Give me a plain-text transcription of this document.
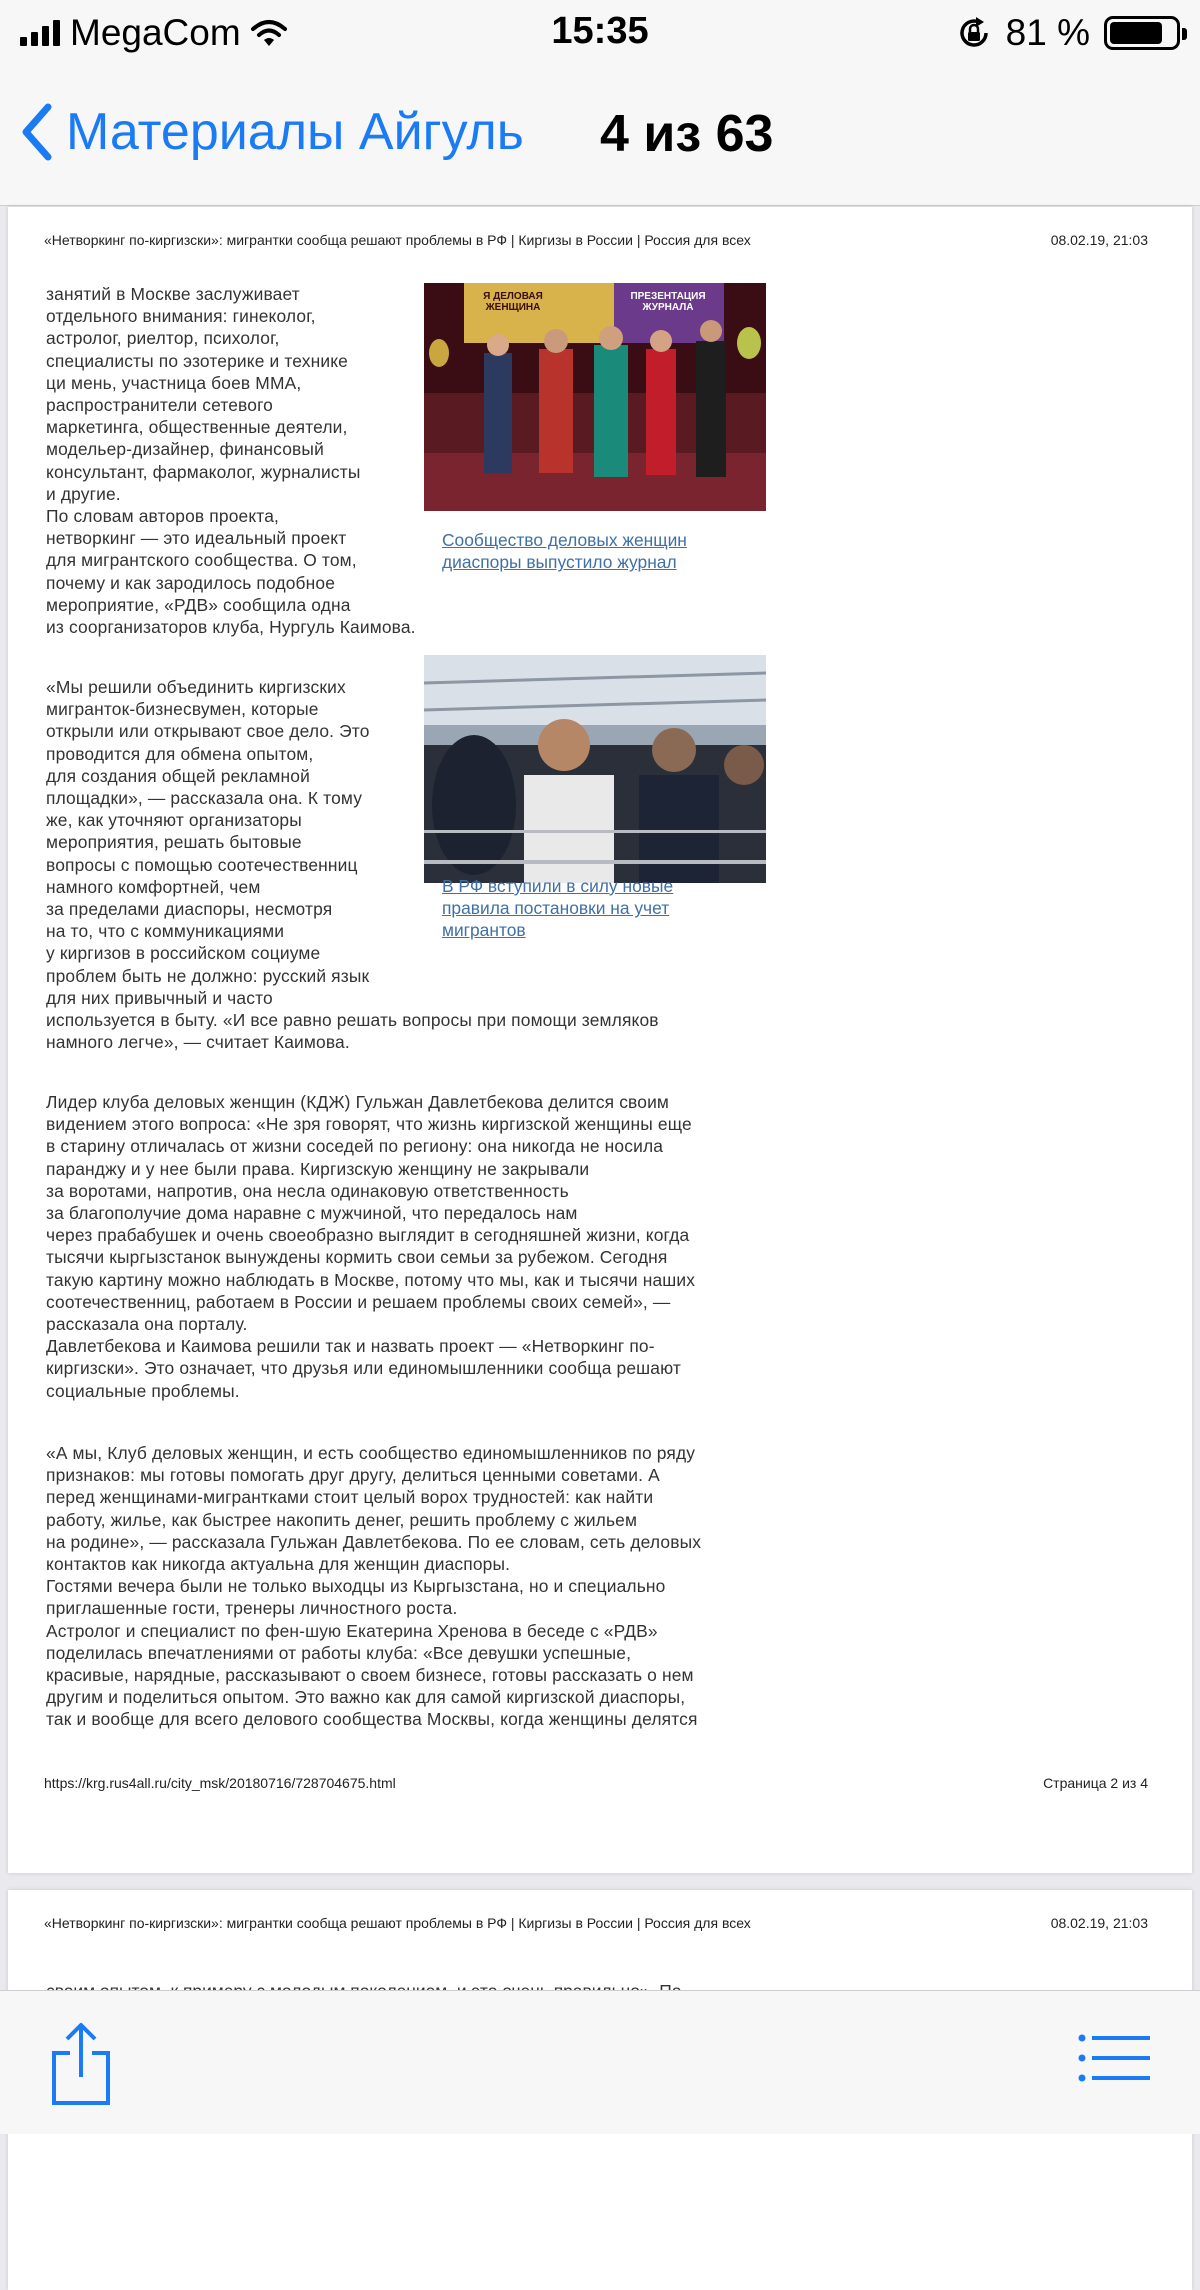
MegaCom	15:35	81 %
Материалы Айгуль 4 из 63
«Нетворкинг по-киргизски»: мигрантки сообща решают проблемы в РФ | Киргизы в России | Россия для всех	08.02.19, 21:03
занятий в Москве заслуживает
отдельного внимания: гинеколог,
астролог, риелтор, психолог,
специалисты по эзотерике и технике
ци мень, участница боев ММА,
распространители сетевого
маркетинга, общественные деятели,
модельер-дизайнер, финансовый
консультант, фармаколог, журналисты
и другие.
По словам авторов проекта,
нетворкинг — это идеальный проект
для мигрантского сообщества. О том,
почему и как зародилось подобное
мероприятие, «РДВ» сообщила одна
из соорганизаторов клуба, Нургуль Каимова.
Я ДЕЛОВАЯ ЖЕНЩИНА
ПРЕЗЕНТАЦИЯ ЖУРНАЛА
Сообщество деловых женщин
диаспоры выпустило журнал
«Мы решили объединить киргизских
мигранток-бизнесвумен, которые
открыли или открывают свое дело. Это
проводится для обмена опытом,
для создания общей рекламной
площадки», — рассказала она. К тому
же, как уточняют организаторы
мероприятия, решать бытовые
вопросы с помощью соотечественниц
намного комфортней, чем
за пределами диаспоры, несмотря
на то, что с коммуникациями
у киргизов в российском социуме
проблем быть не должно: русский язык
для них привычный и часто
используется в быту. «И все равно решать вопросы при помощи земляков
намного легче», — считает Каимова.
В РФ вступили в силу новые
правила постановки на учет
мигрантов
Лидер клуба деловых женщин (КДЖ) Гульжан Давлетбекова делится своим
видением этого вопроса: «Не зря говорят, что жизнь киргизской женщины еще
в старину отличалась от жизни соседей по региону: она никогда не носила
паранджу и у нее были права. Киргизскую женщину не закрывали
за воротами, напротив, она несла одинаковую ответственность
за благополучие дома наравне с мужчиной, что передалось нам
через прабабушек и очень своеобразно выглядит в сегодняшней жизни, когда
тысячи кыргызстанок вынуждены кормить свои семьи за рубежом. Сегодня
такую картину можно наблюдать в Москве, потому что мы, как и тысячи наших
соотечественниц, работаем в России и решаем проблемы своих семей», —
рассказала она порталу.
Давлетбекова и Каимова решили так и назвать проект — «Нетворкинг по-
киргизски». Это означает, что друзья или единомышленники сообща решают
социальные проблемы.
«А мы, Клуб деловых женщин, и есть сообщество единомышленников по ряду
признаков: мы готовы помогать друг другу, делиться ценными советами. А
перед женщинами-мигрантками стоит целый ворох трудностей: как найти
работу, жилье, как быстрее накопить денег, решить проблему с жильем
на родине», — рассказала Гульжан Давлетбекова. По ее словам, сеть деловых
контактов как никогда актуальна для женщин диаспоры.
Гостями вечера были не только выходцы из Кыргызстана, но и специально
приглашенные гости, тренеры личностного роста.
Астролог и специалист по фен-шую Екатерина Хренова в беседе с «РДВ»
поделилась впечатлениями от работы клуба: «Все девушки успешные,
красивые, нарядные, рассказывают о своем бизнесе, готовы рассказать о нем
другим и поделиться опытом. Это важно как для самой киргизской диаспоры,
так и вообще для всего делового сообщества Москвы, когда женщины делятся
https://krg.rus4all.ru/city_msk/20180716/728704675.html	Страница 2 из 4
«Нетворкинг по-киргизски»: мигрантки сообща решают проблемы в РФ | Киргизы в России | Россия для всех	08.02.19, 21:03
